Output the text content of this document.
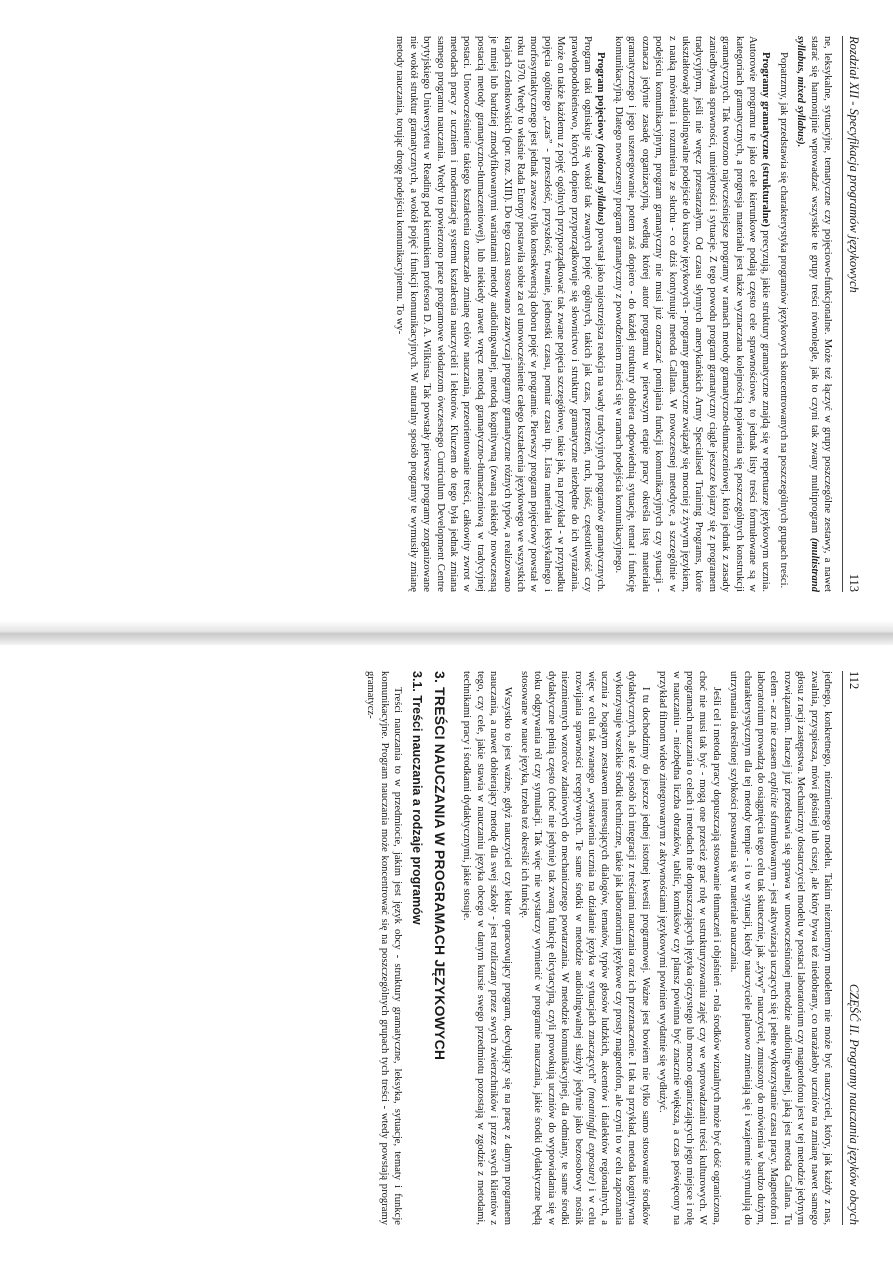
Rozdział XII - Specyfikacja programów językowych
113

ne, leksykalne, sytuacyjne, tematyczne czy pojęciowo-funkcjonalne. Może też łączyć w grupy poszczególne zestawy, a nawet starać się harmonijnie wprowadzać wszystkie te grupy treści równolegle, jak to czyni tak zwany multiprogram (multistrand syllabus, mixed syllabus).

Popatrzmy, jak przedstawia się charakterystyka programów językowych skoncentrowanych na poszczególnych grupach treści.

Programy gramatyczne (strukturalne) precyzują, jakie struktury gramatyczne znajdą się w repertuarze językowym ucznia. Autorowie programu te jako cele kierunkowe podają często cele sprawnościowe, to jednak listy treści formułowane są w kategoriach gramatycznych, a progresja materiału jest także wyznaczana kolejnością pojawienia się poszczególnych konstrukcji gramatycznych. Tak tworzono najwcześniejsze programy w ramach metody gramatyczno-tłumaczeniowej, która jednak z zasady zaniedbywała sprawności, umiejętności i sytuacje. Z tego powodu program gramatyczny ciągle jeszcze kojarzy się z programem tradycyjnym, jeśli nie wręcz przestarzałym. Od czasu słynnych amerykańskich Army Specialised Training Programs, które ukształtowały audiolingwalne podejście do kursów językowych - programy gramatyczne związały się mocniej z żywym językiem, z nauką mówienia i rozumienia ze słuchu - co dziś kontynuuje metoda Callana. W nowoczesnej metodyce, a szczególnie w podejściu komunikacyjnym, program gramatyczny nie musi już oznaczać pomijania funkcji komunikacyjnych czy sytuacji - oznacza jedynie zasadę organizacyjną, według której autor programu w pierwszym etapie pracy określa listę materiału gramatycznego i jego uszeregowanie, potem zaś dopiero - do każdej struktury dobiera odpowiednią sytuację, temat i funkcję komunikacyjną. Dlatego nowoczesny program gramatyczny z powodzeniem mieści się w ramach podejścia komunikacyjnego.

Program pojęciowy (notional syllabus) powstał jako najostrzejsza reakcja na wady tradycyjnych programów gramatycznych. Program taki ogniskuje się wokół tak zwanych pojęć ogólnych, takich jak czas, przestrzeń, ruch, ilość, częstotliwość czy prawdopodobieństwo, których dopiero przyporządkowuje się słownictwo i struktury gramatyczne niezbędne do ich wyrażania. Może on także każdemu z pojęć ogólnych przyporządkować tak zwane pojęcia szczegółowe, takie jak, na przykład - w przypadku pojęcia ogólnego „czas” - przeszłość, przyszłość, trwanie, jednostki czasu, pomiar czasu itp. Lista materiału leksykalnego i morfosyntaktycznego jest jednak zawsze tylko konsekwencją doboru pojęć w programie. Pierwszy program pojęciowy powstał w roku 1970. Wtedy to właśnie Rada Europy postawiła sobie za cel unowocześnienie całego kształcenia językowego we wszystkich krajach członkowskich (por. roz. XIII). Do tego czasu stosowano zazwyczaj programy gramatyczne różnych typów, a realizowano je mniej lub bardziej zmodyfikowanymi wariantami metody audiolingwalnej, metodą kognitywną (zwaną niekiedy nowoczesną postacią metody gramatyczno-tłumaczeniowej), lub niekiedy nawet wręcz metodą gramatyczno-tłumaczeniową w tradycyjnej postaci. Unowocześnienie takiego kształcenia oznaczało zmianę celów nauczania, przeorientowanie treści, całkowity zwrot w metodach pracy z uczniem i modernizację systemu kształcenia nauczycieli i lektorów. Kluczem do tego była jednak zmiana samego programu nauczania. Wtedy to powierzono prace programowe włodarzom ówczesnego Curriculum Development Centre brytyjskiego Uniwersytetu w Reading pod kierunkiem profesora D. A. Wilkinsa. Tak powstały pierwsze programy zorganizowane nie wokół struktur gramatycznych, a wokół pojęć i funkcji komunikacyjnych. W naturalny sposób programy te wymusiły zmianę metody nauczania, torując drogę podejściu komunikacyjnemu. To wy-

112
CZĘŚĆ II. Programy nauczania języków obcych

jednego, konkretnego, niezmiennego modelu. Takim niezmiennym modelem nie może być nauczyciel, który, jak każdy z nas, zwalnia, przyspiesza, mówi głośniej lub ciszej, ale który bywa też niedobrany, co narażałoby uczniów na zmianę nawet samego głosu z racji zastępstwa. Mechaniczny dostarczyciel modelu w postaci laboratorium czy magnetofonu jest w tej metodzie jedynym rozwiązaniem. Inaczej już przedstawia się sprawa w unowocześnionej metodzie audiolingwalnej, jaką jest metoda Callana. Tu celem - acz nie czasem explicite sformułowanym - jest aktywizacja uczących się i pełne wykorzystanie czasu pracy. Magnetofon i laboratorium prowadzą do osiągnięcia tego celu tak skutecznie, jak „żywy” nauczyciel, zmuszony do mówienia w bardzo dużym, charakterystycznym dla tej metody tempie - i to w sytuacji, kiedy nauczyciele planowo zmieniają się i wzajemnie stymulują do utrzymania określonej szybkości posuwania się w materiale nauczania.

Jeśli cel i metoda pracy dopuszczają stosowanie tłumaczeń i objaśnień - rola środków wizualnych może być dość ograniczona, choć nie musi tak być - mogą one przecież grać rolę w ustrukturyzowaniu zajęć czy we wprowadzaniu treści kulturowych. W programach nauczania o celach i metodach nie dopuszczających języka ojczystego lub mocno ograniczających jego miejsce i rolę w nauczaniu - niezbędna liczba obrazków, tablic, komiksów czy plansz powinna być znacznie większa, a czas poświęcony na przykład filmom wideo zintegrowanym z aktywnościami językowymi powinien wydatnie się wydłużyć.

I tu dochodzimy do jeszcze jednej istotnej kwestii programowej. Ważne jest bowiem nie tylko samo stosowanie środków dydaktycznych, ale też sposób ich integracji z treściami nauczania oraz ich przeznaczenie. I tak na przykład, metoda kognitywna wykorzystuje wszelkie środki techniczne, takie jak laboratorium językowe czy prosty magnetofon, ale czyni to w celu zapoznania ucznia z bogatym zestawem interesujących dialogów, tematów, typów głosów ludzkich, akcentów i dialektów regionalnych, a więc w celu tak zwanego „wystawienia ucznia na działanie języka w sytuacjach znaczących” (meaningful exposure) i w celu rozwijania sprawności receptywnych. Te same środki w metodzie audiolingwalnej służyły jedynie jako bezosobowy nośnik niezmiennych wzorców zdaniowych do mechanicznego powtarzania. W metodzie komunikacyjnej, dla odmiany, te same środki dydaktyczne pełnią często (choć nie jedynie) tak zwaną funkcję elicytacyjną, czyli prowokują uczniów do wypowiadania się w toku odgrywania ról czy symulacji. Tak więc nie wystarczy wymienić w programie nauczania, jakie środki dydaktyczne będą stosowane w nauce języka, trzeba też określić ich funkcję.

Wszystko to jest ważne, gdyż nauczyciel czy lektor opracowujący program, decydujący się na pracę z danym programem nauczania, a nawet dobierający metodę dla swej szkoły - jest rozliczany przez swych zwierzchników i przez swych klientów z tego, czy cele, jakie stawia w nauczaniu języka obcego w danym kursie swego przedmiotu pozostają w zgodzie z metodami, technikami pracy i środkami dydaktycznymi, jakie stosuje.

3. TREŚCI NAUCZANIA W PROGRAMACH JĘZYKOWYCH
3.1. Treści nauczania a rodzaje programów

Treści nauczania to w przedmiocie, jakim jest język obcy - struktury gramatyczne, leksyka, sytuacje, tematy i funkcje komunikacyjne. Program nauczania może koncentrować się na poszczególnych grupach tych treści - wtedy powstają programy gramatycz-
